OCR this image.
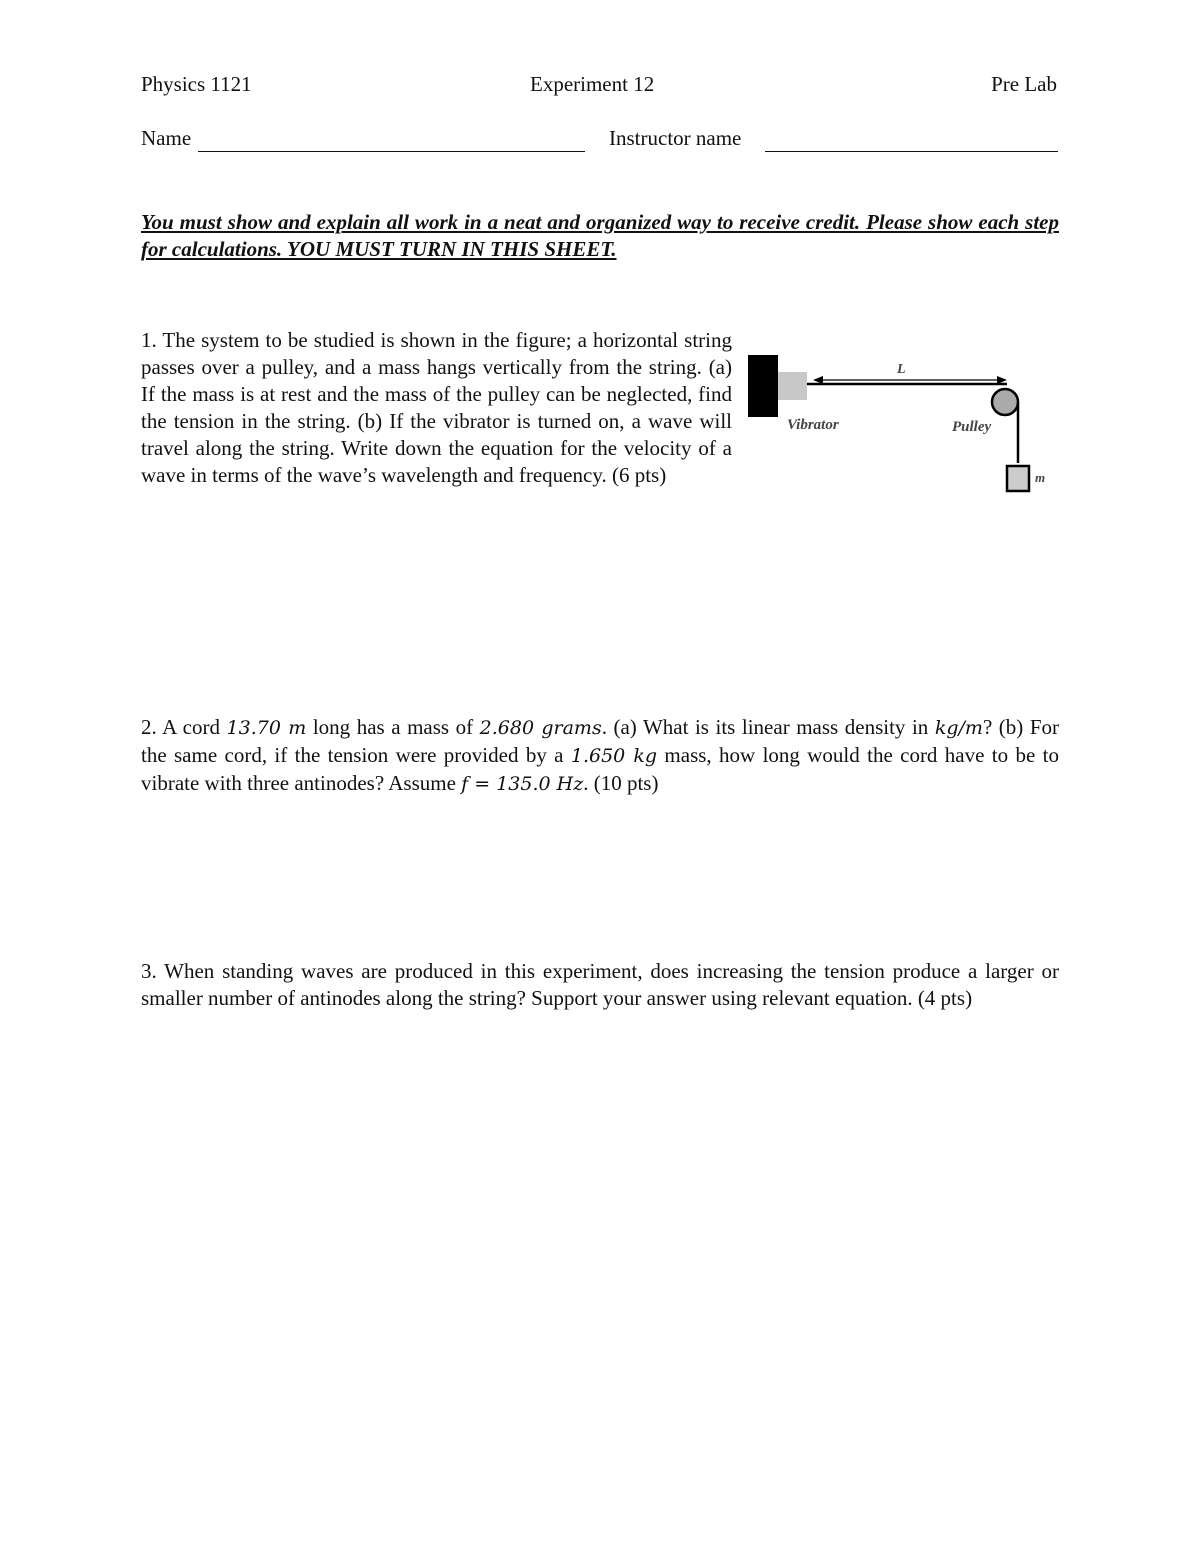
Physics 1121	Experiment 12	Pre Lab
Name	Instructor name

You must show and explain all work in a neat and organized way to receive credit. Please show each step for calculations. YOU MUST TURN IN THIS SHEET.

1. The system to be studied is shown in the figure; a horizontal string passes over a pulley, and a mass hangs vertically from the string. (a) If the mass is at rest and the mass of the pulley can be neglected, find the tension in the string. (b) If the vibrator is turned on, a wave will travel along the string. Write down the equation for the velocity of a wave in terms of the wave’s wavelength and frequency. (6 pts)

L
Vibrator	Pulley
m

2. A cord 13.70 m long has a mass of 2.680 grams. (a) What is its linear mass density in kg/m? (b) For the same cord, if the tension were provided by a 1.650 kg mass, how long would the cord have to be to vibrate with three antinodes? Assume f = 135.0 Hz. (10 pts)

3. When standing waves are produced in this experiment, does increasing the tension produce a larger or smaller number of antinodes along the string? Support your answer using relevant equation. (4 pts)
